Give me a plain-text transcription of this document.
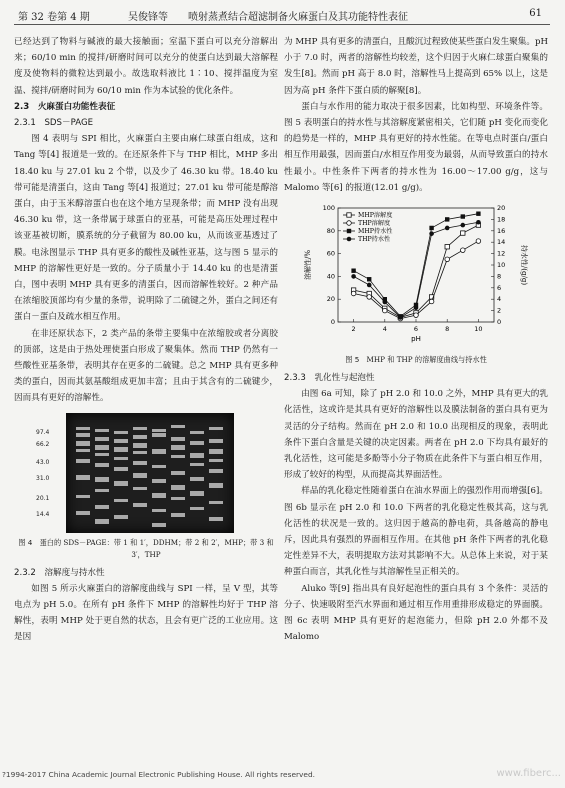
第 32 卷第 4 期	吴俊锋等　　 喷射蒸煮结合超滤制备火麻蛋白及其功能特性表征	61

已经达到了物料与碱液的最大接触面；室温下蛋白可以充分溶解出来；60/10 min 的搅拌/研磨时间可以充分的使蛋白达到最大溶解程度及使物料的微粒达到最小。故选取料液比 1∶10、搅拌温度为室温、搅拌/研磨时间为 60/10 min 作为本试验的优化条件。

2.3　火麻蛋白功能性表征
2.3.1　SDS－PAGE

图 4 表明与 SPI 相比，火麻蛋白主要由麻仁球蛋白组成，这和 Tang 等[4] 报道是一致的。在还原条件下与 THP 相比，MHP 多出 18.40 ku 与 27.01 ku 2 个带，以及少了 46.30 ku 带。18.40 ku 带可能是清蛋白，这由 Tang 等[4] 报道过；27.01 ku 带可能是醇溶蛋白，由于玉米醇溶蛋白也在这个地方呈现条带；而 MHP 没有出现 46.30 ku 带，这一条带属于球蛋白的亚基，可能是高压处理过程中该亚基被切断，膜系统的分子截留为 80.00 ku，从而该亚基透过了膜。电泳图显示 THP 具有更多的酸性及碱性亚基，这与图 5 显示的 MHP 的溶解性更好是一致的。分子质量小于 14.40 ku 的也是清蛋白，图中表明 MHP 具有更多的清蛋白，因而溶解性较好。2 种产品在浓缩胶顶部均有少量的条带，说明除了二硫键之外，蛋白之间还有蛋白－蛋白及疏水相互作用。

在非还原状态下，2 类产品的条带主要集中在浓缩胶或者分离胶的顶部，这是由于热处理使蛋白形成了聚集体。然而 THP 仍然有一些酸性亚基条带，表明其存在更多的二硫键。总之 MHP 具有更多种类的蛋白，因而其氨基酸组成更加丰富；且由于其含有的二硫键少，因而具有更好的溶解性。

97.4
66.2
43.0
31.0
20.1
14.4
图 4　 蛋白的 SDS－PAGE：带 1 和 1′，DDHM；带 2 和 2′，MHP；带 3 和 3′，THP
2.3.2　溶解度与持水性

如图 5 所示火麻蛋白的溶解度曲线与 SPI 一样，呈 V 型，其等电点为 pH 5.0。在所有 pH 条件下 MHP 的溶解性均好于 THP 溶解性，表明 MHP 处于更自然的状态，且会有更广泛的工业应用。这是因

为 MHP 具有更多的清蛋白，且酸沉过程致使某些蛋白发生聚集。pH 小于 7.0 时，两者的溶解性均较差，这个归因于火麻仁球蛋白聚集的发生[8]。然而 pH 高于 8.0 时，溶解性马上提高到 65% 以上，这是因为高 pH 条件下蛋白质的解聚[8]。

蛋白与水作用的能力取决于很多因素，比如构型、环境条件等。图 5 表明蛋白的持水性与其溶解度紧密相关，它们随 pH 变化而变化的趋势是一样的，MHP 具有更好的持水性能。在等电点时蛋白/蛋白相互作用最强，因而蛋白/水相互作用变为最弱，从而导致蛋白的持水性最小。中性条件下两者的持水性为 16.00～17.00 g/g，这与 Malomo 等[6] 的报道(12.01 g/g)。

0
20
40
60
80
100
0
2
4
6
8
10
12
14
16
18
20
2	4	6	8	10
pH
溶解性/%	持水性/(g/g)
MHP溶解度
THP溶解度
MHP持水性
THP持水性
图 5　 MHP 和 THP 的溶解度曲线与持水性
2.3.3　乳化性与起泡性

由图 6a 可知，除了 pH 2.0 和 10.0 之外，MHP 具有更大的乳化活性，这或许是其具有更好的溶解性以及膜法制备的蛋白具有更为灵活的分子结构。然而在 pH 2.0 和 10.0 出现相反的现象，表明此条件下蛋白含量是关键的决定因素。两者在 pH 2.0 下均具有最好的乳化活性，这可能是多酚等小分子物质在此条件下与蛋白相互作用，形成了较好的构型，从而提高其界面活性。

样品的乳化稳定性随着蛋白在油水界面上的强烈作用而增强[6]。图 6b 显示在 pH 2.0 和 10.0 下两者的乳化稳定性极其高，这与乳化活性的状况是一致的。这归因于越高的静电荷，具备越高的静电斥，因此具有强烈的界面相互作用。在其他 pH 条件下两者的乳化稳定性差异不大，表明提取方法对其影响不大。从总体上来说，对于某种蛋白而言，其乳化性与其溶解性呈正相关的。

Aluko 等[9] 指出具有良好起泡性的蛋白具有 3 个条件：灵活的分子、快速吸附至汽水界面和通过相互作用重排形成稳定的界面膜。图 6c 表明 MHP 具有更好的起泡能力，但除 pH 2.0 外都不及 Malomo

?1994-2017 China Academic Journal Electronic Publishing House. All rights reserved.	www.fiberc...
